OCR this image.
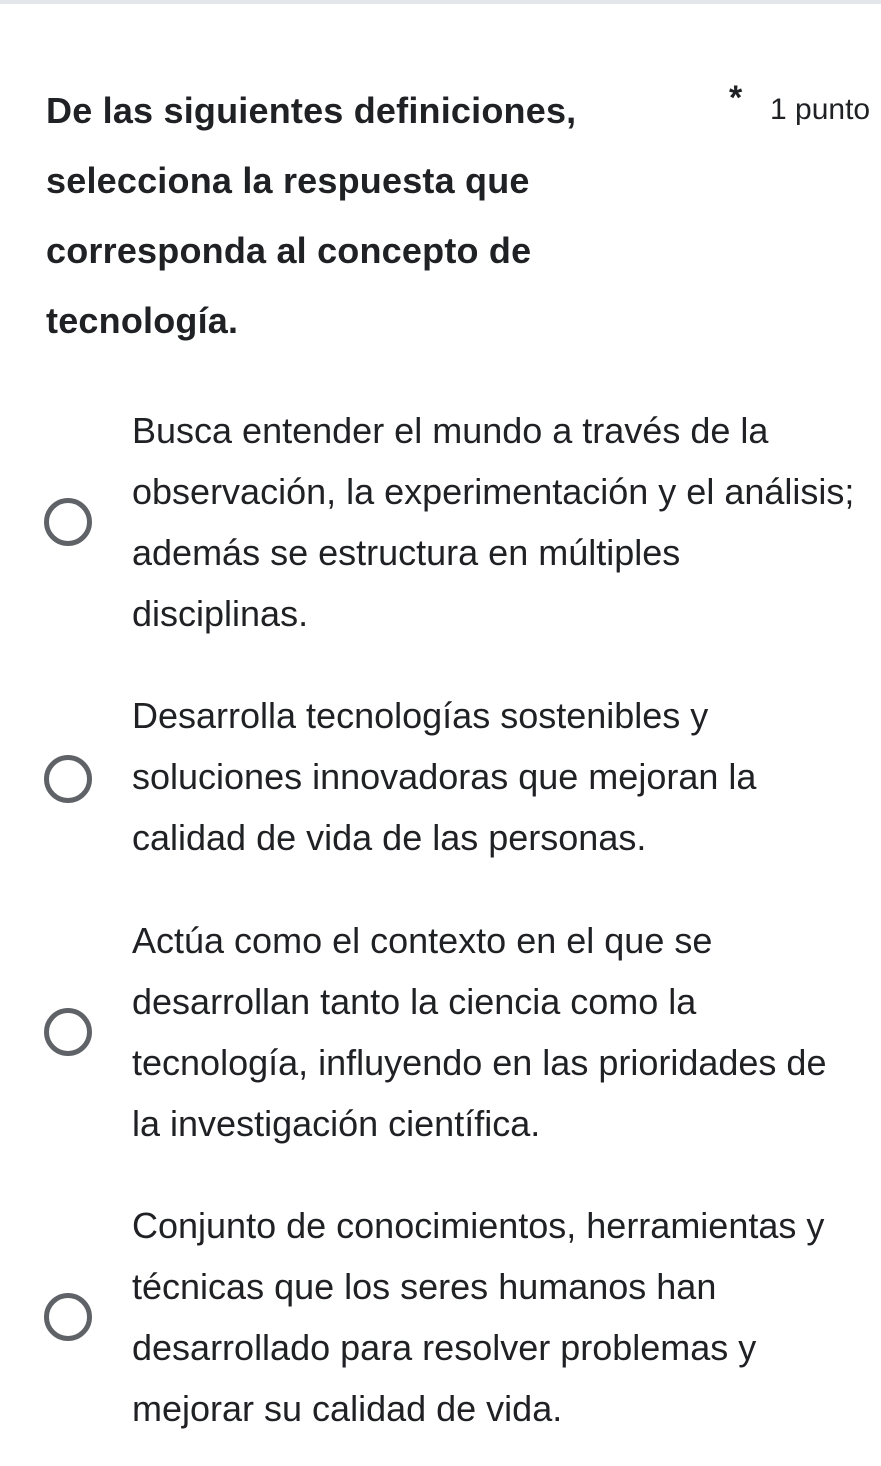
De las siguientes definiciones, selecciona la respuesta que corresponda al concepto de tecnología.
* 1 punto
Busca entender el mundo a través de la observación, la experimentación y el análisis; además se estructura en múltiples disciplinas.
Desarrolla tecnologías sostenibles y soluciones innovadoras que mejoran la calidad de vida de las personas.
Actúa como el contexto en el que se desarrollan tanto la ciencia como la tecnología, influyendo en las prioridades de la investigación científica.
Conjunto de conocimientos, herramientas y técnicas que los seres humanos han desarrollado para resolver problemas y mejorar su calidad de vida.
